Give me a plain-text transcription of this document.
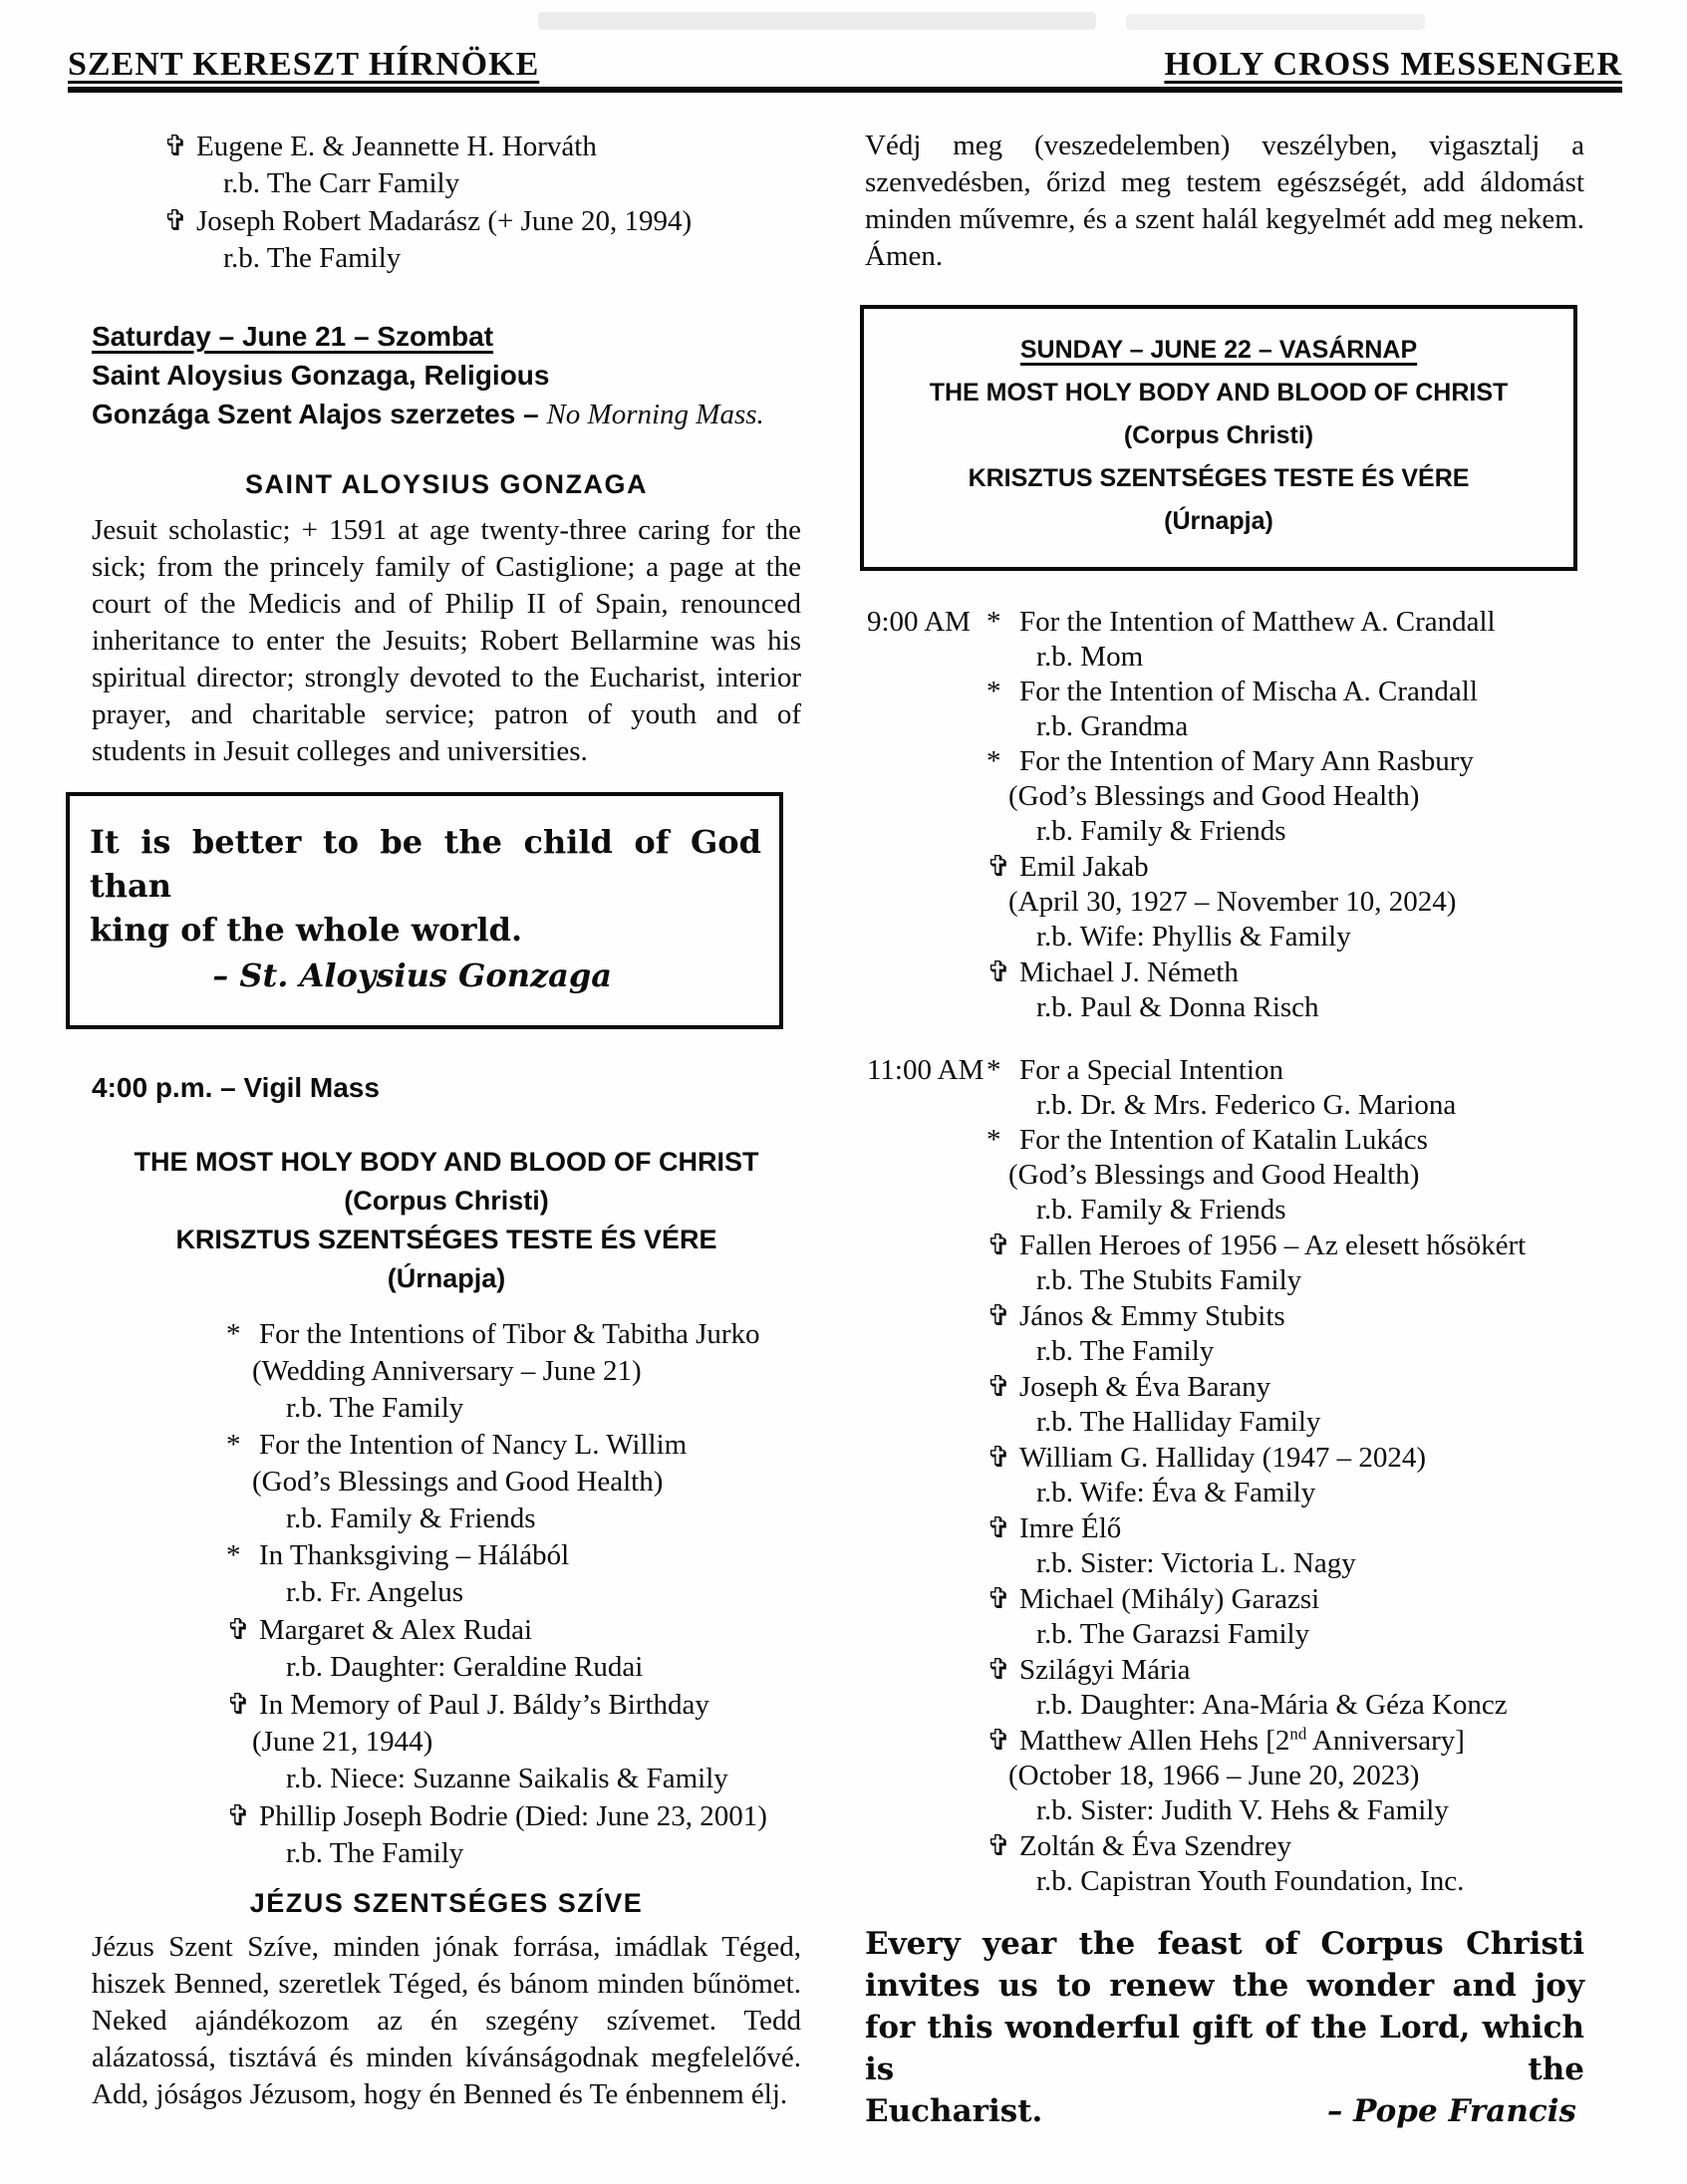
SZENT KERESZT HÍRNÖKE	HOLY CROSS MESSENGER
✞ Eugene E. & Jeannette H. Horváth
r.b. The Carr Family
✞ Joseph Robert Madarász (+ June 20, 1994)
r.b. The Family
Saturday – June 21 – Szombat
Saint Aloysius Gonzaga, Religious
Gonzága Szent Alajos szerzetes – No Morning Mass.
SAINT ALOYSIUS GONZAGA
Jesuit scholastic; + 1591 at age twenty-three caring for the sick; from the princely family of Castiglione; a page at the court of the Medicis and of Philip II of Spain, renounced inheritance to enter the Jesuits; Robert Bellarmine was his spiritual director; strongly devoted to the Eucharist, interior prayer, and charitable service; patron of youth and of students in Jesuit colleges and universities.
It is better to be the child of God than
king of the whole world.
– St. Aloysius Gonzaga
4:00 p.m. – Vigil Mass
THE MOST HOLY BODY AND BLOOD OF CHRIST
(Corpus Christi)
KRISZTUS SZENTSÉGES TESTE ÉS VÉRE
(Úrnapja)
* For the Intentions of Tibor & Tabitha Jurko
(Wedding Anniversary – June 21)
r.b. The Family
* For the Intention of Nancy L. Willim
(God’s Blessings and Good Health)
r.b. Family & Friends
* In Thanksgiving – Hálából
r.b. Fr. Angelus
✞ Margaret & Alex Rudai
r.b. Daughter: Geraldine Rudai
✞ In Memory of Paul J. Báldy’s Birthday
(June 21, 1944)
r.b. Niece: Suzanne Saikalis & Family
✞ Phillip Joseph Bodrie (Died: June 23, 2001)
r.b. The Family
JÉZUS SZENTSÉGES SZÍVE
Jézus Szent Szíve, minden jónak forrása, imádlak Téged, hiszek Benned, szeretlek Téged, és bánom minden bűnömet. Neked ajándékozom az én szegény szívemet. Tedd alázatossá, tisztává és minden kívánságodnak megfelelővé. Add, jóságos Jézusom, hogy én Benned és Te énbennem élj.
Védj meg (veszedelemben) veszélyben, vigasztalj a szenvedésben, őrizd meg testem egészségét, add áldomást minden művemre, és a szent halál kegyelmét add meg nekem. Ámen.
SUNDAY – JUNE 22 – VASÁRNAP
THE MOST HOLY BODY AND BLOOD OF CHRIST
(Corpus Christi)
KRISZTUS SZENTSÉGES TESTE ÉS VÉRE
(Úrnapja)
9:00 AM * For the Intention of Matthew A. Crandall
r.b. Mom
* For the Intention of Mischa A. Crandall
r.b. Grandma
* For the Intention of Mary Ann Rasbury
(God’s Blessings and Good Health)
r.b. Family & Friends
✞ Emil Jakab
(April 30, 1927 – November 10, 2024)
r.b. Wife: Phyllis & Family
✞ Michael J. Németh
r.b. Paul & Donna Risch
11:00 AM * For a Special Intention
r.b. Dr. & Mrs. Federico G. Mariona
* For the Intention of Katalin Lukács
(God’s Blessings and Good Health)
r.b. Family & Friends
✞ Fallen Heroes of 1956 – Az elesett hősökért
r.b. The Stubits Family
✞ János & Emmy Stubits
r.b. The Family
✞ Joseph & Éva Barany
r.b. The Halliday Family
✞ William G. Halliday (1947 – 2024)
r.b. Wife: Éva & Family
✞ Imre Élő
r.b. Sister: Victoria L. Nagy
✞ Michael (Mihály) Garazsi
r.b. The Garazsi Family
✞ Szilágyi Mária
r.b. Daughter: Ana-Mária & Géza Koncz
✞ Matthew Allen Hehs [2nd Anniversary]
(October 18, 1966 – June 20, 2023)
r.b. Sister: Judith V. Hehs & Family
✞ Zoltán & Éva Szendrey
r.b. Capistran Youth Foundation, Inc.
Every year the feast of Corpus Christi invites us to renew the wonder and joy for this wonderful gift of the Lord, which is the
Eucharist.	– Pope Francis
